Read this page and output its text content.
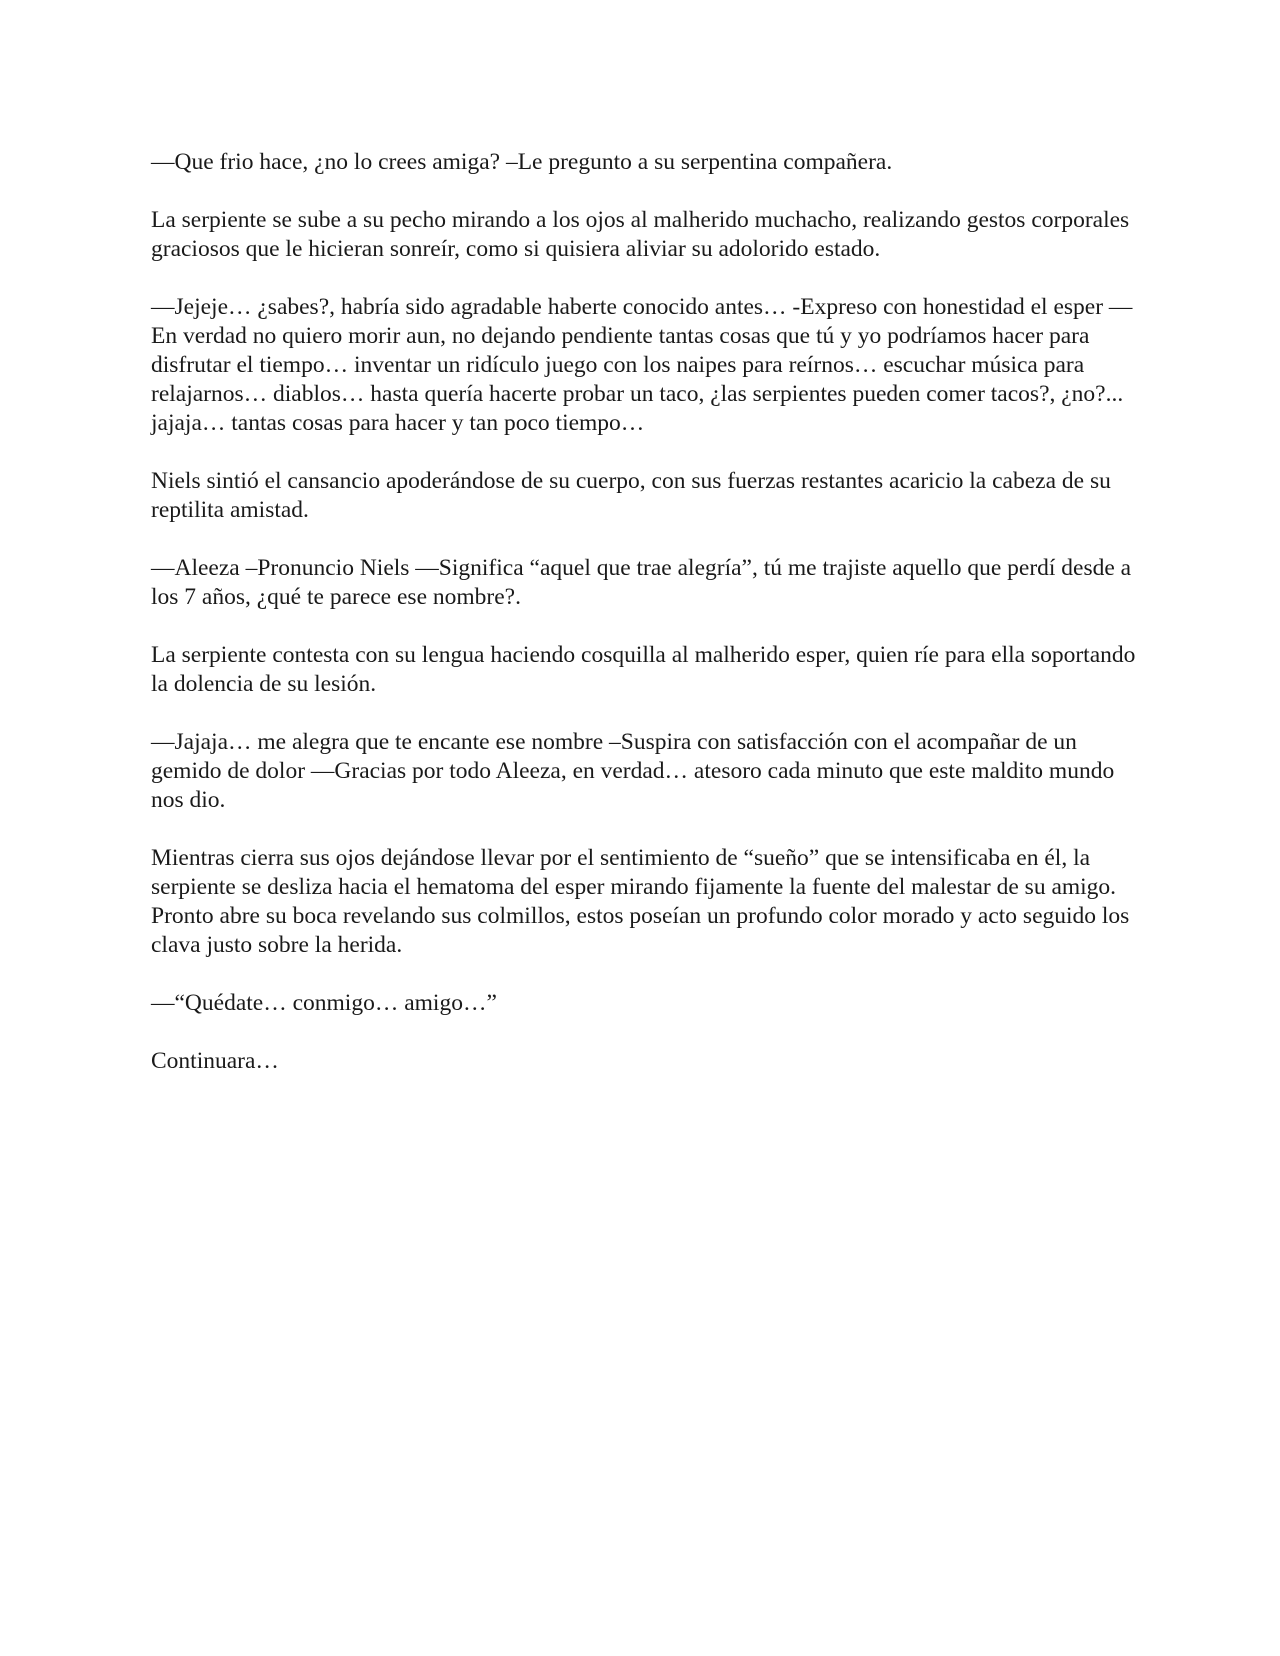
—Que frio hace, ¿no lo crees amiga? –Le pregunto a su serpentina compañera.

La serpiente se sube a su pecho mirando a los ojos al malherido muchacho, realizando gestos corporales graciosos que le hicieran sonreír, como si quisiera aliviar su adolorido estado.

—Jejeje… ¿sabes?, habría sido agradable haberte conocido antes… -Expreso con honestidad el esper —En verdad no quiero morir aun, no dejando pendiente tantas cosas que tú y yo podríamos hacer para disfrutar el tiempo… inventar un ridículo juego con los naipes para reírnos… escuchar música para relajarnos… diablos… hasta quería hacerte probar un taco, ¿las serpientes pueden comer tacos?, ¿no?... jajaja… tantas cosas para hacer y tan poco tiempo…

Niels sintió el cansancio apoderándose de su cuerpo, con sus fuerzas restantes acaricio la cabeza de su reptilita amistad.

—Aleeza –Pronuncio Niels —Significa “aquel que trae alegría”, tú me trajiste aquello que perdí desde a los 7 años, ¿qué te parece ese nombre?.

La serpiente contesta con su lengua haciendo cosquilla al malherido esper, quien ríe para ella soportando la dolencia de su lesión.

—Jajaja… me alegra que te encante ese nombre –Suspira con satisfacción con el acompañar de un gemido de dolor —Gracias por todo Aleeza, en verdad… atesoro cada minuto que este maldito mundo nos dio.

Mientras cierra sus ojos dejándose llevar por el sentimiento de “sueño” que se intensificaba en él, la serpiente se desliza hacia el hematoma del esper mirando fijamente la fuente del malestar de su amigo. Pronto abre su boca revelando sus colmillos, estos poseían un profundo color morado y acto seguido los clava justo sobre la herida.

—“Quédate… conmigo… amigo…”

Continuara…
